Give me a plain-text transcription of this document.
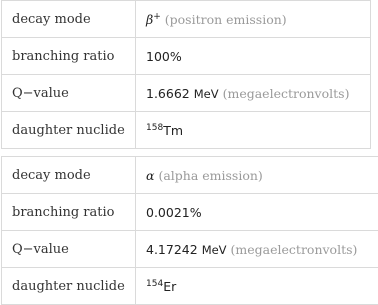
decay mode	β+ (positron emission)
branching ratio	100%
Q−value	1.6662 MeV (megaelectronvolts)
daughter nuclide	$^{158}$Tm
decay mode	α (alpha emission)
branching ratio	0.0021%
Q−value	4.17242 MeV (megaelectronvolts)
daughter nuclide	$^{154}$Er
